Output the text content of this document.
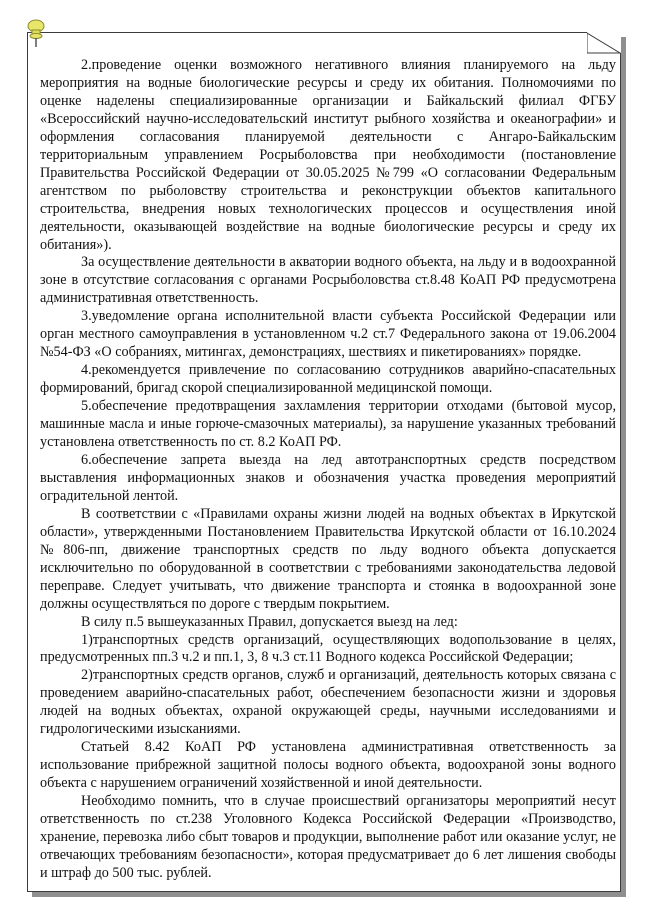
2.проведение оценки возможного негативного влияния планируемого на льду мероприятия на водные биологические ресурсы и среду их обитания. Полномочиями по оценке наделены специализированные организации и Байкальский филиал ФГБУ «Всероссийский научно-исследовательский институт рыбного хозяйства и океанографии» и оформления согласования планируемой деятельности с Ангаро-Байкальским территориальным управлением Росрыболовства при необходимости (постановление Правительства Российской Федерации от 30.05.2025 №799 «О согласовании Федеральным агентством по рыболовству строительства и реконструкции объектов капитального строительства, внедрения новых технологических процессов и осуществления иной деятельности, оказывающей воздействие на водные биологические ресурсы и среду их обитания»).

За осуществление деятельности в акватории водного объекта, на льду и в водоохранной зоне в отсутствие согласования с органами Росрыболовства ст.8.48 КоАП РФ предусмотрена административная ответственность.

3.уведомление органа исполнительной власти субъекта Российской Федерации или орган местного самоуправления в установленном ч.2 ст.7 Федерального закона от 19.06.2004 №54-ФЗ «О собраниях, митингах, демонстрациях, шествиях и пикетированиях» порядке.

4.рекомендуется привлечение по согласованию сотрудников аварийно-спасательных формирований, бригад скорой специализированной медицинской помощи.

5.обеспечение предотвращения захламления территории отходами (бытовой мусор, машинные масла и иные горюче-смазочных материалы), за нарушение указанных требований установлена ответственность по ст. 8.2 КоАП РФ.

6.обеспечение запрета выезда на лед автотранспортных средств посредством выставления информационных знаков и обозначения участка проведения мероприятий оградительной лентой.

В соответствии с «Правилами охраны жизни людей на водных объектах в Иркутской области», утвержденными Постановлением Правительства Иркутской области от 16.10.2024 №806-пп, движение транспортных средств по льду водного объекта допускается исключительно по оборудованной в соответствии с требованиями законодательства ледовой переправе. Следует учитывать, что движение транспорта и стоянка в водоохранной зоне должны осуществляться по дороге с твердым покрытием.

В силу п.5 вышеуказанных Правил, допускается выезд на лед:

1)транспортных средств организаций, осуществляющих водопользование в целях, предусмотренных пп.3 ч.2 и пп.1, 3, 8 ч.3 ст.11 Водного кодекса Российской Федерации;

2)транспортных средств органов, служб и организаций, деятельность которых связана с проведением аварийно-спасательных работ, обеспечением безопасности жизни и здоровья людей на водных объектах, охраной окружающей среды, научными исследованиями и гидрологическими изысканиями.

Статьей 8.42 КоАП РФ установлена административная ответственность за использование прибрежной защитной полосы водного объекта, водоохраной зоны водного объекта с нарушением ограничений хозяйственной и иной деятельности.

Необходимо помнить, что в случае происшествий организаторы мероприятий несут ответственность по ст.238 Уголовного Кодекса Российской Федерации «Производство, хранение, перевозка либо сбыт товаров и продукции, выполнение работ или оказание услуг, не отвечающих требованиям безопасности», которая предусматривает до 6 лет лишения свободы и штраф до 500 тыс. рублей.
